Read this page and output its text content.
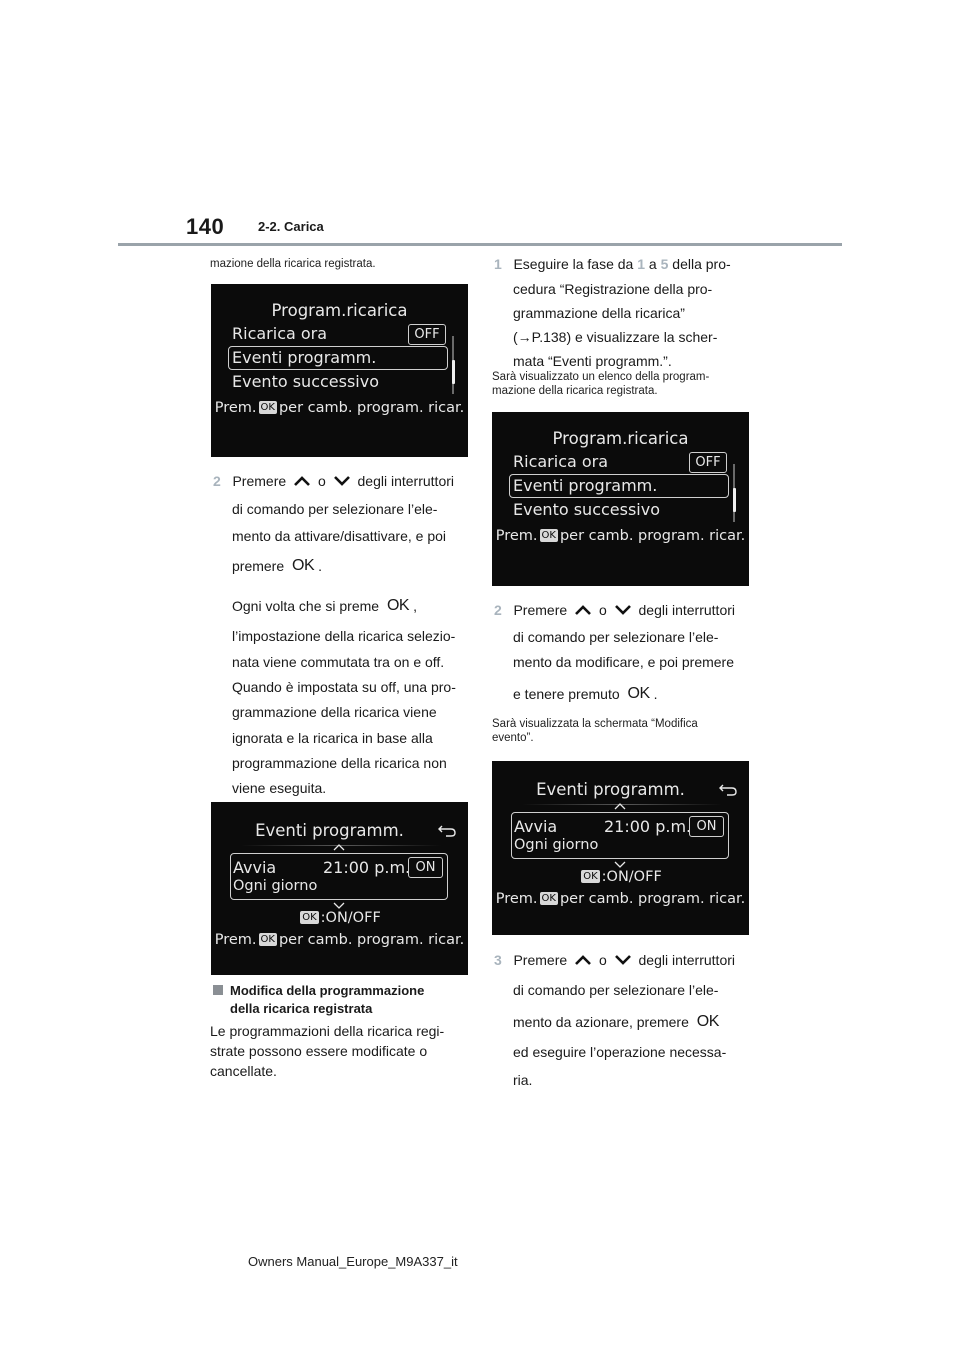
140	2-2. Carica
mazione della ricarica registrata.
Program.ricarica
Ricarica ora	OFF
Eventi programm.
Evento successivo
Prem. OK per camb. program. ricar.
2 Premere o degli interruttori
di comando per selezionare l’ele-
mento da attivare/disattivare, e poi
premere OK .
Ogni volta che si preme OK ,
l’impostazione della ricarica selezio-
nata viene commutata tra on e off.
Quando è impostata su off, una pro-
grammazione della ricarica viene
ignorata e la ricarica in base alla
programmazione della ricarica non
viene eseguita.
Eventi programm.
Avvia	21:00 p.m. ON
Ogni giorno
OK :ON/OFF
Prem. OK per camb. program. ricar.
Modifica della programmazione
della ricarica registrata
Le programmazioni della ricarica regi-
strate possono essere modificate o
cancellate.
1 Eseguire la fase da 1 a 5 della pro-
cedura “Registrazione della pro-
grammazione della ricarica”
(→P.138) e visualizzare la scher-
mata “Eventi programm.”.
Sarà visualizzato un elenco della program-
mazione della ricarica registrata.
Program.ricarica
Ricarica ora	OFF
Eventi programm.
Evento successivo
Prem. OK per camb. program. ricar.
2 Premere o degli interruttori
di comando per selezionare l’ele-
mento da modificare, e poi premere
e tenere premuto OK .
Sarà visualizzata la schermata “Modifica
evento”.
Eventi programm.
Avvia	21:00 p.m. ON
Ogni giorno
OK :ON/OFF
Prem. OK per camb. program. ricar.
3 Premere o degli interruttori
di comando per selezionare l’ele-
mento da azionare, premere OK
ed eseguire l’operazione necessa-
ria.
Owners Manual_Europe_M9A337_it
